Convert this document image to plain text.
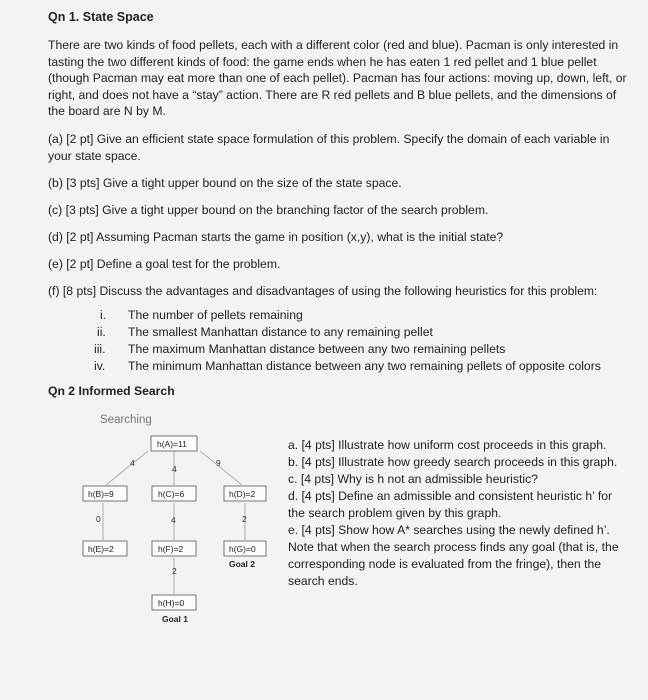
Qn 1. State Space
There are two kinds of food pellets, each with a different color (red and blue). Pacman is only interested in
tasting the two different kinds of food: the game ends when he has eaten 1 red pellet and 1 blue pellet
(though Pacman may eat more than one of each pellet). Pacman has four actions: moving up, down, left, or
right, and does not have a “stay” action. There are R red pellets and B blue pellets, and the dimensions of
the board are N by M.
(a) [2 pt] Give an efficient state space formulation of this problem. Specify the domain of each variable in
your state space.
(b) [3 pts] Give a tight upper bound on the size of the state space.
(c) [3 pts] Give a tight upper bound on the branching factor of the search problem.
(d) [2 pt] Assuming Pacman starts the game in position (x,y), what is the initial state?
(e) [2 pt] Define a goal test for the problem.
(f) [8 pts] Discuss the advantages and disadvantages of using the following heuristics for this problem:
i.	The number of pellets remaining
ii.	The smallest Manhattan distance to any remaining pellet
iii.	The maximum Manhattan distance between any two remaining pellets
iv.	The minimum Manhattan distance between any two remaining pellets of opposite colors
Qn 2 Informed Search
Searching
4
4
9
0	4	2
2
h(A)=11
h(B)=9	h(C)=6	h(D)=2
h(E)=2	h(F)=2	h(G)=0
Goal 2
h(H)=0
Goal 1
a. [4 pts] Illustrate how uniform cost proceeds in this graph.
b. [4 pts] Illustrate how greedy search proceeds in this graph.
c. [4 pts] Why is h not an admissible heuristic?
d. [4 pts] Define an admissible and consistent heuristic h’ for
the search problem given by this graph.
e. [4 pts] Show how A* searches using the newly defined h’.
Note that when the search process finds any goal (that is, the
corresponding node is evaluated from the fringe), then the
search ends.
